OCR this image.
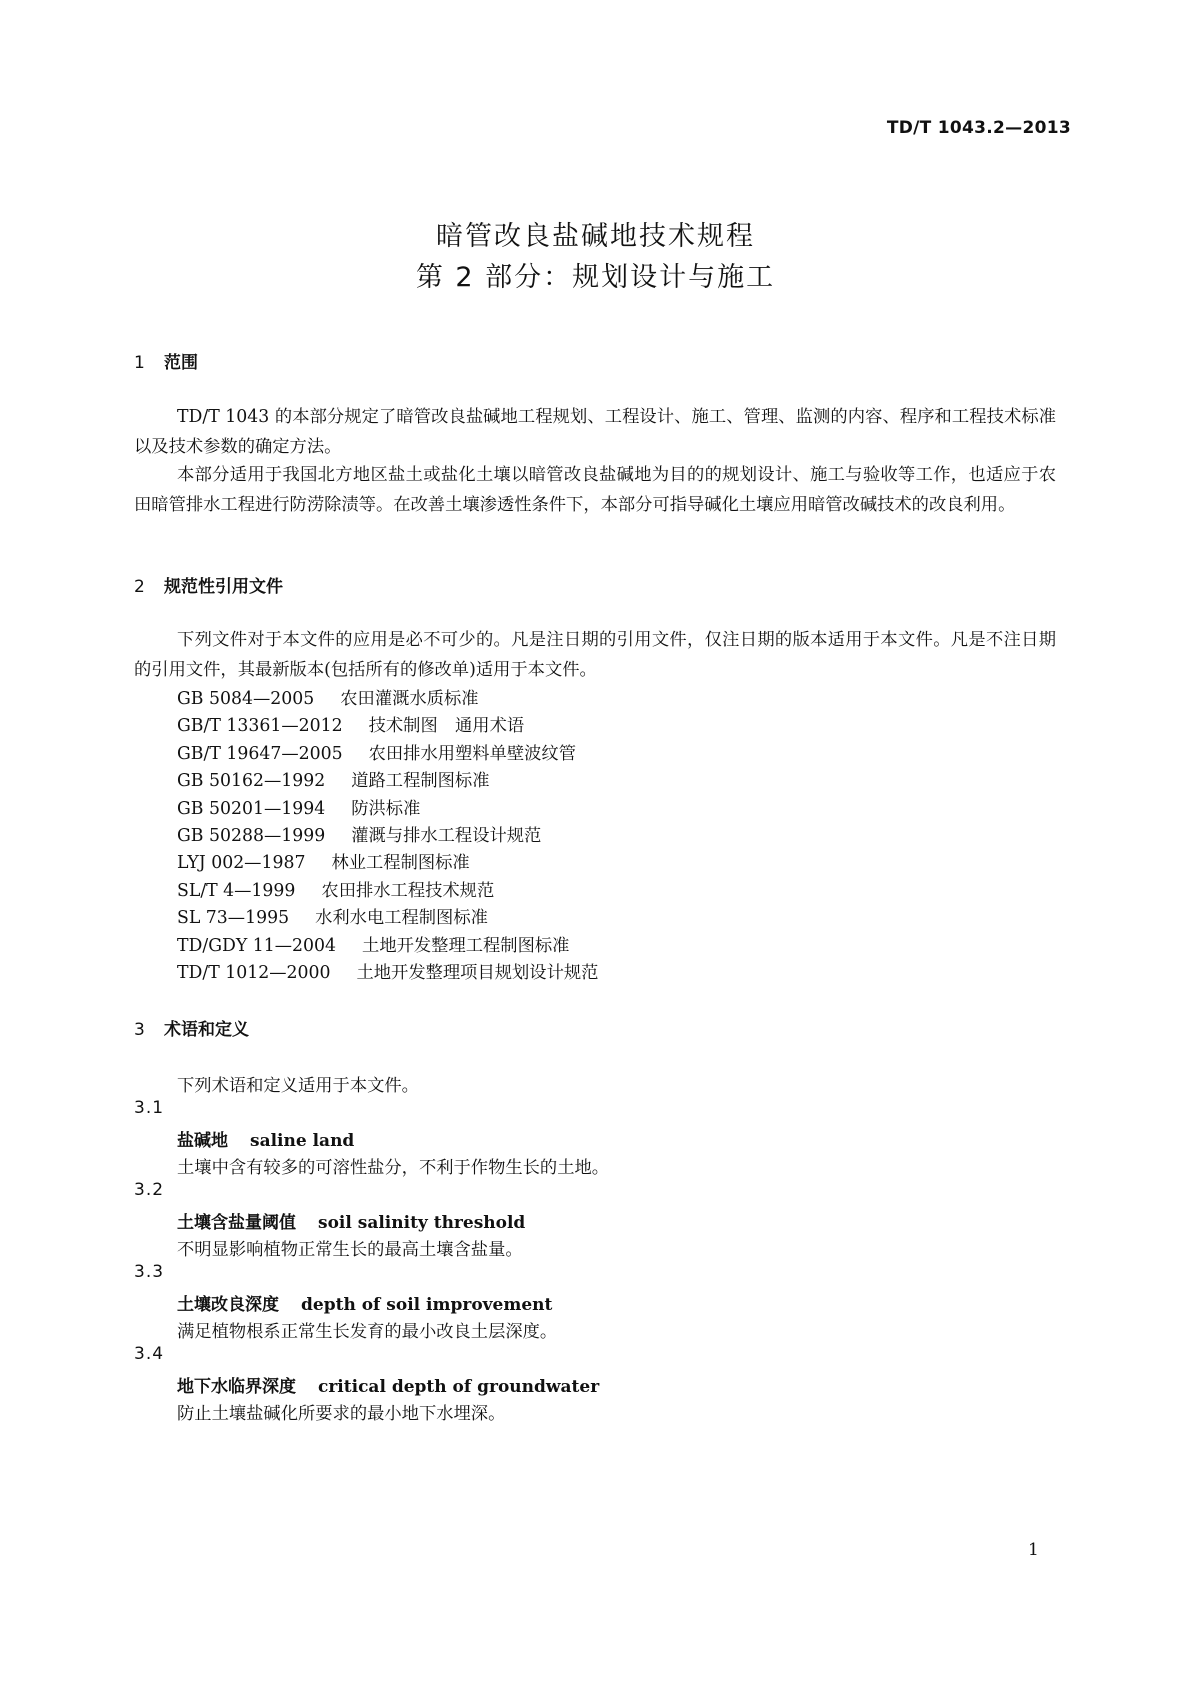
TD/T 1043.2—2013
暗管改良盐碱地技术规程
第 2 部分：规划设计与施工
1 范围
TD/T 1043 的本部分规定了暗管改良盐碱地工程规划、工程设计、施工、管理、监测的内容、程序和工程技术标准以及技术参数的确定方法。
本部分适用于我国北方地区盐土或盐化土壤以暗管改良盐碱地为目的的规划设计、施工与验收等工作，也适应于农田暗管排水工程进行防涝除渍等。在改善土壤渗透性条件下，本部分可指导碱化土壤应用暗管改碱技术的改良利用。
2 规范性引用文件
下列文件对于本文件的应用是必不可少的。凡是注日期的引用文件，仅注日期的版本适用于本文件。凡是不注日期的引用文件，其最新版本(包括所有的修改单)适用于本文件。
GB 5084—2005 农田灌溉水质标准
GB/T 13361—2012 技术制图　通用术语
GB/T 19647—2005 农田排水用塑料单壁波纹管
GB 50162—1992 道路工程制图标准
GB 50201—1994 防洪标准
GB 50288—1999 灌溉与排水工程设计规范
LYJ 002—1987 林业工程制图标准
SL/T 4—1999 农田排水工程技术规范
SL 73—1995 水利水电工程制图标准
TD/GDY 11—2004 土地开发整理工程制图标准
TD/T 1012—2000 土地开发整理项目规划设计规范
3 术语和定义
下列术语和定义适用于本文件。
3.1
盐碱地 saline land
土壤中含有较多的可溶性盐分，不利于作物生长的土地。
3.2
土壤含盐量阈值 soil salinity threshold
不明显影响植物正常生长的最高土壤含盐量。
3.3
土壤改良深度 depth of soil improvement
满足植物根系正常生长发育的最小改良土层深度。
3.4
地下水临界深度 critical depth of groundwater
防止土壤盐碱化所要求的最小地下水埋深。
1
